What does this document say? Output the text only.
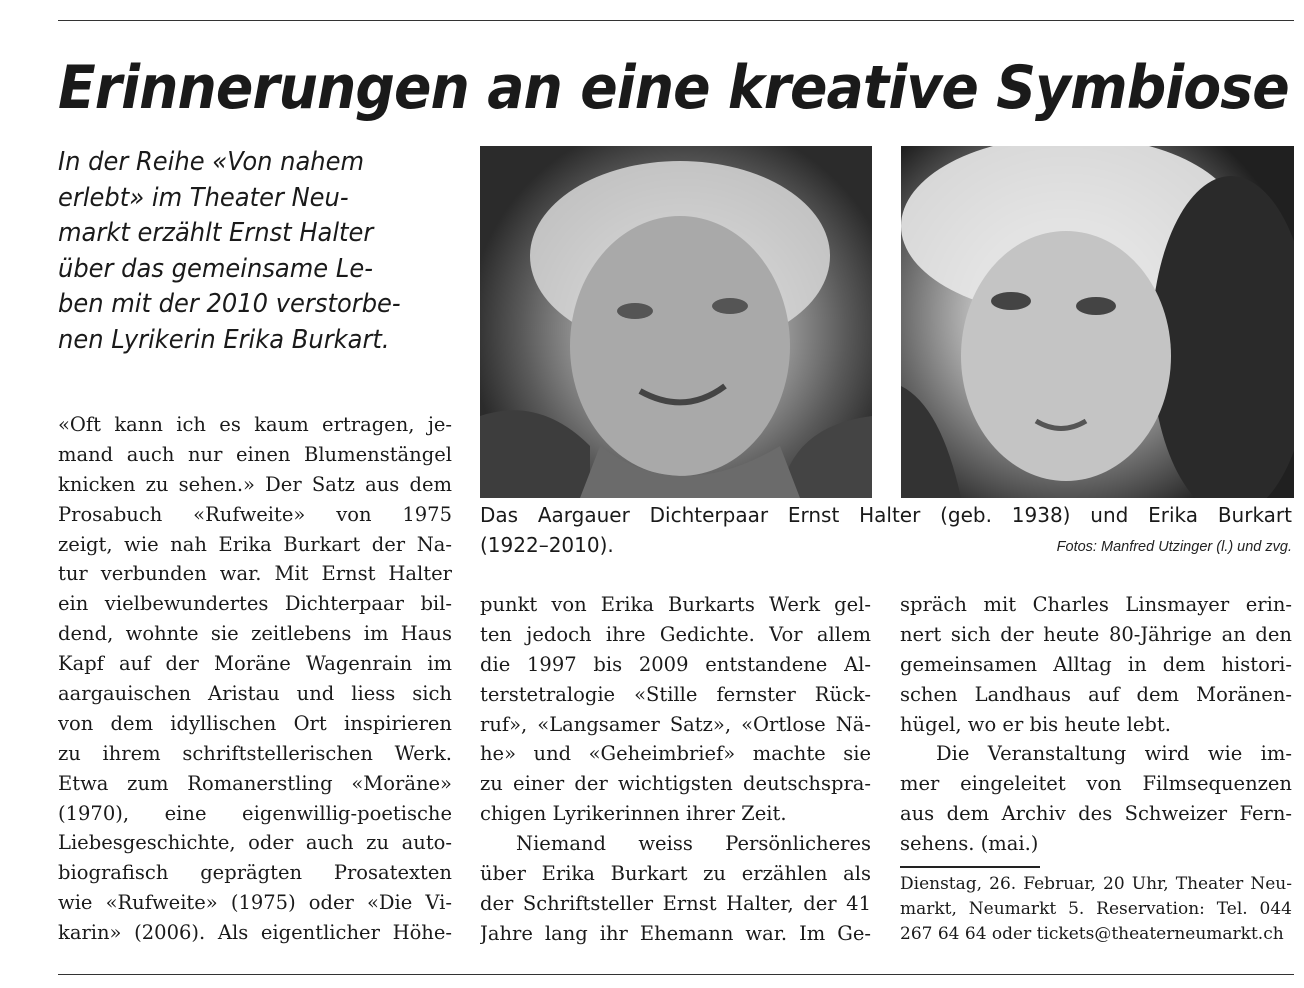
Erinnerungen an eine kreative Symbiose
In der Reihe «Von nahem
erlebt» im Theater Neu-
markt erzählt Ernst Halter
über das gemeinsame Le-
ben mit der 2010 verstorbe-
nen Lyrikerin Erika Burkart.
«Oft kann ich es kaum ertragen, je-
mand auch nur einen Blumenstängel
knicken zu sehen.» Der Satz aus dem
Prosabuch «Rufweite» von 1975
zeigt, wie nah Erika Burkart der Na-
tur verbunden war. Mit Ernst Halter
ein vielbewundertes Dichterpaar bil-
dend, wohnte sie zeitlebens im Haus
Kapf auf der Moräne Wagenrain im
aargauischen Aristau und liess sich
von dem idyllischen Ort inspirieren
zu ihrem schriftstellerischen Werk.
Etwa zum Romanerstling «Moräne»
(1970), eine eigenwillig-poetische
Liebesgeschichte, oder auch zu auto-
biografisch geprägten Prosatexten
wie «Rufweite» (1975) oder «Die Vi-
karin» (2006). Als eigentlicher Höhe-
Das Aargauer Dichterpaar Ernst Halter (geb. 1938) und Erika Burkart
(1922–2010).	Fotos: Manfred Utzinger (l.) und zvg.
punkt von Erika Burkarts Werk gel-
ten jedoch ihre Gedichte. Vor allem
die 1997 bis 2009 entstandene Al-
terstetralogie «Stille fernster Rück-
ruf», «Langsamer Satz», «Ortlose Nä-
he» und «Geheimbrief» machte sie
zu einer der wichtigsten deutschspra-
chigen Lyrikerinnen ihrer Zeit.
Niemand weiss Persönlicheres
über Erika Burkart zu erzählen als
der Schriftsteller Ernst Halter, der 41
Jahre lang ihr Ehemann war. Im Ge-
spräch mit Charles Linsmayer erin-
nert sich der heute 80-Jährige an den
gemeinsamen Alltag in dem histori-
schen Landhaus auf dem Moränen-
hügel, wo er bis heute lebt.
Die Veranstaltung wird wie im-
mer eingeleitet von Filmsequenzen
aus dem Archiv des Schweizer Fern-
sehens. (mai.)
Dienstag, 26. Februar, 20 Uhr, Theater Neu-
markt, Neumarkt 5. Reservation: Tel. 044
267 64 64 oder tickets@theaterneumarkt.ch
